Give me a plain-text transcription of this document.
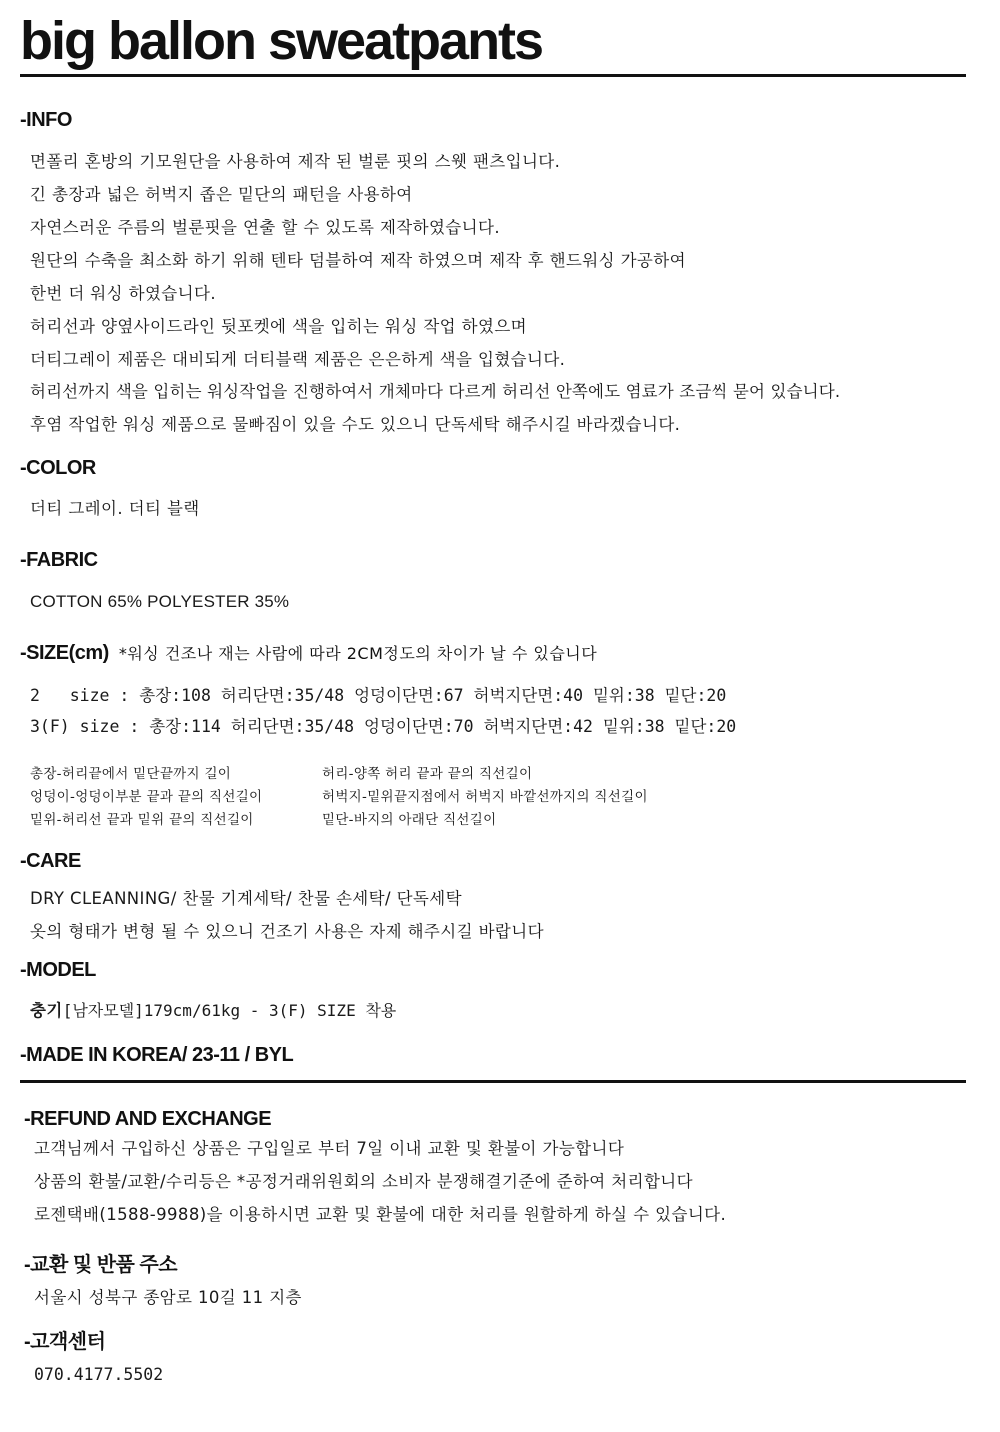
big ballon sweatpants
-INFO
면폴리 혼방의 기모원단을 사용하여 제작 된 벌룬 핏의 스웻 팬츠입니다.
긴 총장과 넓은 허벅지 좁은 밑단의 패턴을 사용하여
자연스러운 주름의 벌룬핏을 연출 할 수 있도록 제작하였습니다.
원단의 수축을 최소화 하기 위해 텐타 덤블하여 제작 하였으며 제작 후 핸드워싱 가공하여
한번 더 워싱 하였습니다.
허리선과 양옆사이드라인 뒷포켓에 색을 입히는 워싱 작업 하였으며
더티그레이 제품은 대비되게 더티블랙 제품은 은은하게 색을 입혔습니다.
허리선까지 색을 입히는 워싱작업을 진행하여서 개체마다 다르게 허리선 안쪽에도 염료가 조금씩 묻어 있습니다.
후염 작업한 워싱 제품으로 물빠짐이 있을 수도 있으니 단독세탁 해주시길 바라겠습니다.
-COLOR
더티 그레이. 더티 블랙
-FABRIC
COTTON 65% POLYESTER 35%
-SIZE(cm) *워싱 건조나 재는 사람에 따라 2CM정도의 차이가 날 수 있습니다
2   size : 총장:108 허리단면:35/48 엉덩이단면:67 허벅지단면:40 밑위:38 밑단:20
3(F) size : 총장:114 허리단면:35/48 엉덩이단면:70 허벅지단면:42 밑위:38 밑단:20
총장-허리끝에서 밑단끝까지 길이
엉덩이-엉덩이부분 끝과 끝의 직선길이
밑위-허리선 끝과 밑위 끝의 직선길이
허리-양쪽 허리 끝과 끝의 직선길이
허벅지-밑위끝지점에서 허벅지 바깥선까지의 직선길이
밑단-바지의 아래단 직선길이
-CARE
DRY CLEANNING/ 찬물 기계세탁/ 찬물 손세탁/ 단독세탁
옷의 형태가 변형 될 수 있으니 건조기 사용은 자제 해주시길 바랍니다
-MODEL
충기[남자모델]179cm/61kg - 3(F) SIZE 착용
-MADE IN KOREA/ 23-11 / BYL
-REFUND AND EXCHANGE
고객님께서 구입하신 상품은 구입일로 부터 7일 이내 교환 및 환불이 가능합니다
상품의 환불/교환/수리등은 *공정거래위원회의 소비자 분쟁해결기준에 준하여 처리합니다
로젠택배(1588-9988)을 이용하시면 교환 및 환불에 대한 처리를 원할하게 하실 수 있습니다.
-교환 및 반품 주소
서울시 성북구 종암로 10길 11 지층
-고객센터
070.4177.5502
